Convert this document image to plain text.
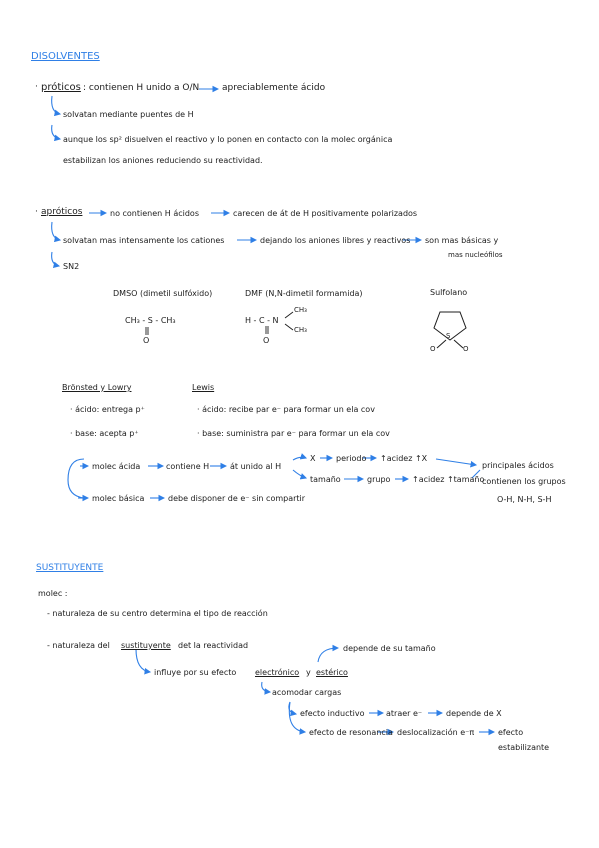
DISOLVENTES
· próticos : contienen H unido a O/N	apreciablemente ácido
solvatan mediante puentes de H
aunque los sp² disuelven el reactivo y lo ponen en contacto con la molec orgánica
estabilizan los aniones reduciendo su reactividad.
· apróticos	no contienen H ácidos	carecen de át de H positivamente polarizados
solvatan mas intensamente los cationes	dejando los aniones libres y reactivos son mas básicas y
mas nucleófilos
SN2
DMSO (dimetil sulfóxido)
CH₃ - S - CH₃
O
DMF (N,N-dimetil formamida)
H - C - N
CH₃
CH₃
O
Sulfolano
S
O	O
Brönsted y Lowry
· ácido: entrega p⁺
· base: acepta p⁺
Lewis
· ácido: recibe par e⁻ para formar un ela cov
· base: suministra par e⁻ para formar un ela cov
molec ácida	contiene H	át unido al H
X	periodo ↑acidez ↑X
tamaño	grupo	↑acidez ↑tamaño
principales ácidos
contienen los grupos
O-H, N-H, S-H
molec básica	debe disponer de e⁻ sin compartir
SUSTITUYENTE
molec :
- naturaleza de su centro determina el tipo de reacción
- naturaleza del sustituyente det la reactividad	depende de su tamaño
influye por su efecto electrónico y estérico
acomodar cargas
efecto inductivo	atraer e⁻	depende de X
efecto de resonancia deslocalización e⁻π	efecto
estabilizante
